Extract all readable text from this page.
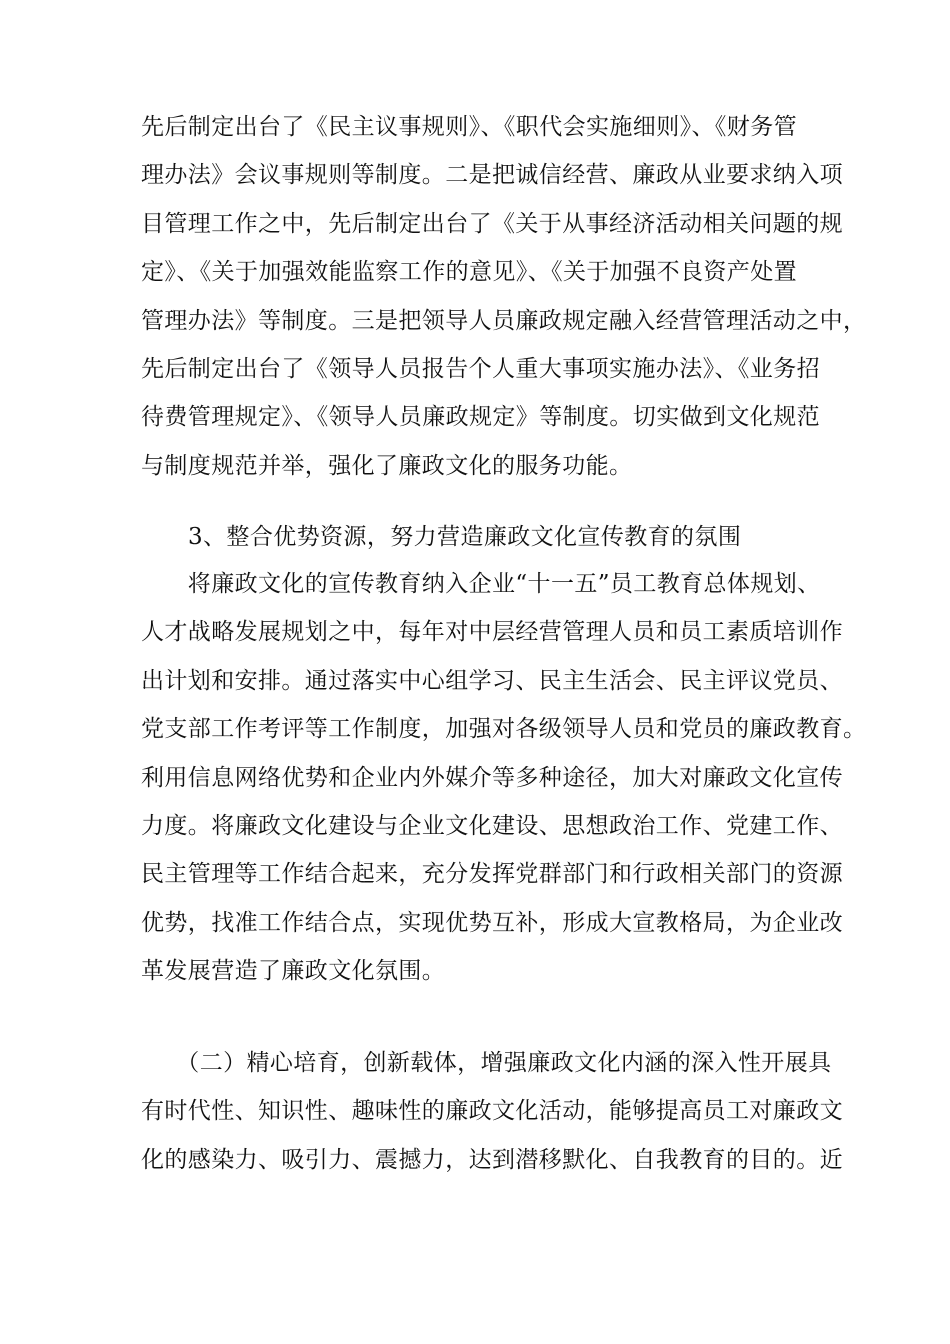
先后制定出台了《民主议事规则》、《职代会实施细则》、《财务管
理办法》会议事规则等制度。二是把诚信经营、廉政从业要求纳入项
目管理工作之中，先后制定出台了《关于从事经济活动相关问题的规
定》、《关于加强效能监察工作的意见》、《关于加强不良资产处置
管理办法》等制度。三是把领导人员廉政规定融入经营管理活动之中，
先后制定出台了《领导人员报告个人重大事项实施办法》、《业务招
待费管理规定》、《领导人员廉政规定》等制度。切实做到文化规范
与制度规范并举，强化了廉政文化的服务功能。
3、整合优势资源，努力营造廉政文化宣传教育的氛围
　　将廉政文化的宣传教育纳入企业“十一五”员工教育总体规划、
人才战略发展规划之中，每年对中层经营管理人员和员工素质培训作
出计划和安排。通过落实中心组学习、民主生活会、民主评议党员、
党支部工作考评等工作制度，加强对各级领导人员和党员的廉政教育。
利用信息网络优势和企业内外媒介等多种途径，加大对廉政文化宣传
力度。将廉政文化建设与企业文化建设、思想政治工作、党建工作、
民主管理等工作结合起来，充分发挥党群部门和行政相关部门的资源
优势，找准工作结合点，实现优势互补，形成大宣教格局，为企业改
革发展营造了廉政文化氛围。
　　（二）精心培育，创新载体，增强廉政文化内涵的深入性开展具
有时代性、知识性、趣味性的廉政文化活动，能够提高员工对廉政文
化的感染力、吸引力、震撼力，达到潜移默化、自我教育的目的。近
